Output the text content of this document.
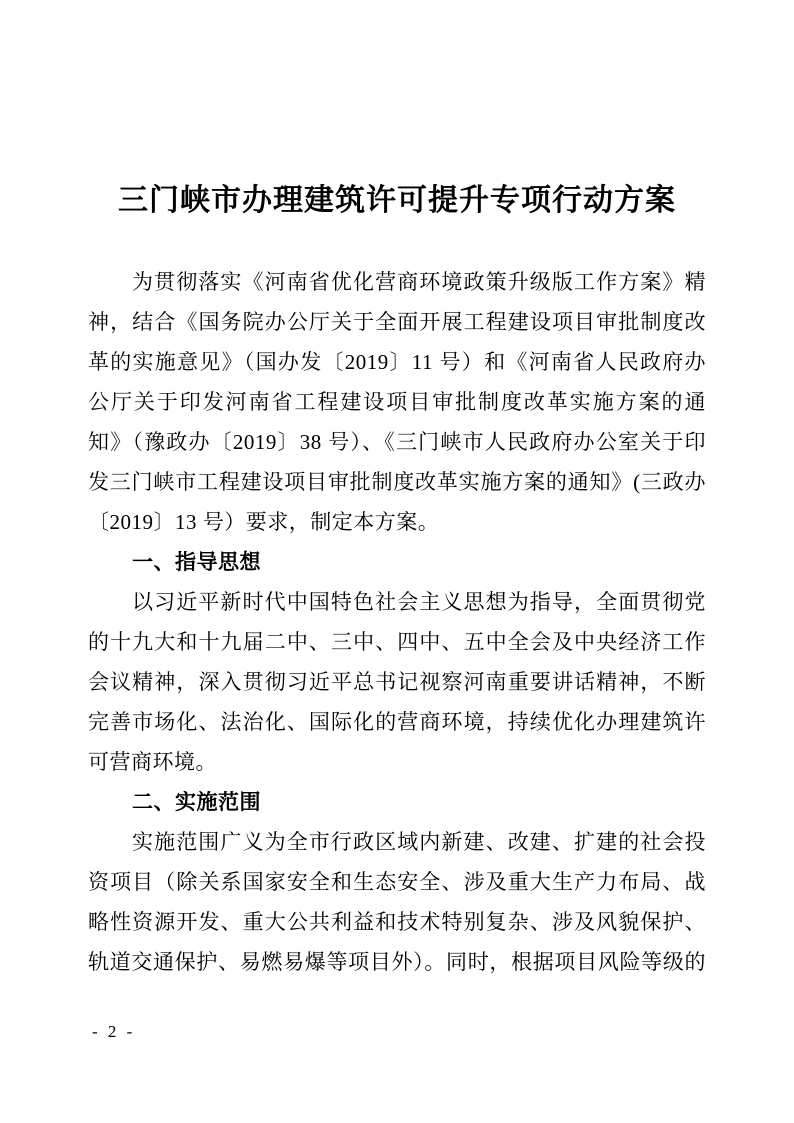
三门峡市办理建筑许可提升专项行动方案
为贯彻落实《河南省优化营商环境政策升级版工作方案》精
神，结合《国务院办公厅关于全面开展工程建设项目审批制度改
革的实施意见》（国办发〔2019〕11 号）和《河南省人民政府办
公厅关于印发河南省工程建设项目审批制度改革实施方案的通
知》（豫政办〔2019〕38 号）、《三门峡市人民政府办公室关于印
发三门峡市工程建设项目审批制度改革实施方案的通知》(三政办
〔2019〕13 号）要求，制定本方案。
一、指导思想
以习近平新时代中国特色社会主义思想为指导，全面贯彻党
的十九大和十九届二中、三中、四中、五中全会及中央经济工作
会议精神，深入贯彻习近平总书记视察河南重要讲话精神，不断
完善市场化、法治化、国际化的营商环境，持续优化办理建筑许
可营商环境。
二、实施范围
实施范围广义为全市行政区域内新建、改建、扩建的社会投
资项目（除关系国家安全和生态安全、涉及重大生产力布局、战
略性资源开发、重大公共利益和技术特别复杂、涉及风貌保护、
轨道交通保护、易燃易爆等项目外）。同时，根据项目风险等级的
- 2 -
